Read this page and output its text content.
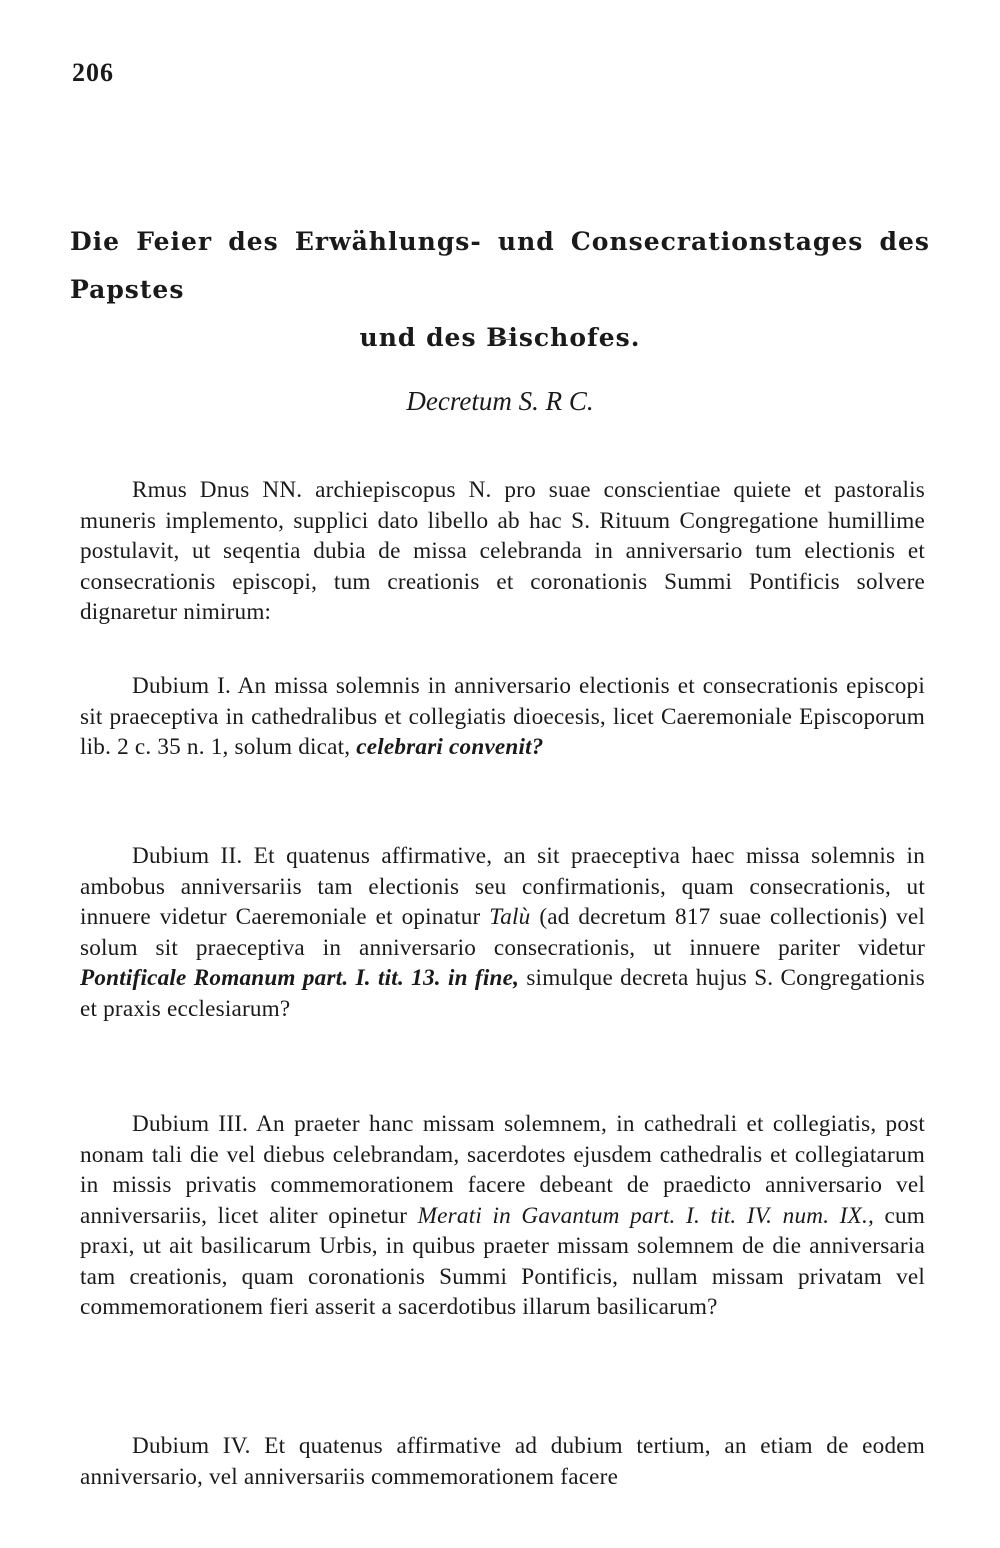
206
Die Feier des Erwählungs- und Consecrationstages des Papstes
und des Bischofes.
Decretum S. R C.

Rmus Dnus NN. archiepiscopus N. pro suae conscientiae quiete et pastoralis muneris implemento, supplici dato libello ab hac S. Rituum Congregatione humillime postulavit, ut seqentia dubia de missa celebranda in anniversario tum electionis et consecrationis episcopi, tum creationis et coronationis Summi Pontificis solvere dignaretur nimirum:

Dubium I. An missa solemnis in anniversario electionis et consecrationis episcopi sit praeceptiva in cathedralibus et collegiatis dioecesis, licet Caeremoniale Episcoporum lib. 2 c. 35 n. 1, solum dicat, celebrari convenit?

Dubium II. Et quatenus affirmative, an sit praeceptiva haec missa solemnis in ambobus anniversariis tam electionis seu confirmationis, quam consecrationis, ut innuere videtur Caeremoniale et opinatur Talù (ad decretum 817 suae collectionis) vel solum sit praeceptiva in anniversario consecrationis, ut innuere pariter videtur Pontificale Romanum part. I. tit. 13. in fine, simulque decreta hujus S. Congregationis et praxis ecclesiarum?

Dubium III. An praeter hanc missam solemnem, in cathedrali et collegiatis, post nonam tali die vel diebus celebrandam, sacerdotes ejusdem cathedralis et collegiatarum in missis privatis commemorationem facere debeant de praedicto anniversario vel anniversariis, licet aliter opinetur Merati in Gavantum part. I. tit. IV. num. IX., cum praxi, ut ait basilicarum Urbis, in quibus praeter missam solemnem de die anniversaria tam creationis, quam coronationis Summi Pontificis, nullam missam privatam vel commemorationem fieri asserit a sacerdotibus illarum basilicarum?

Dubium IV. Et quatenus affirmative ad dubium tertium, an etiam de eodem anniversario, vel anniversariis commemorationem facere
